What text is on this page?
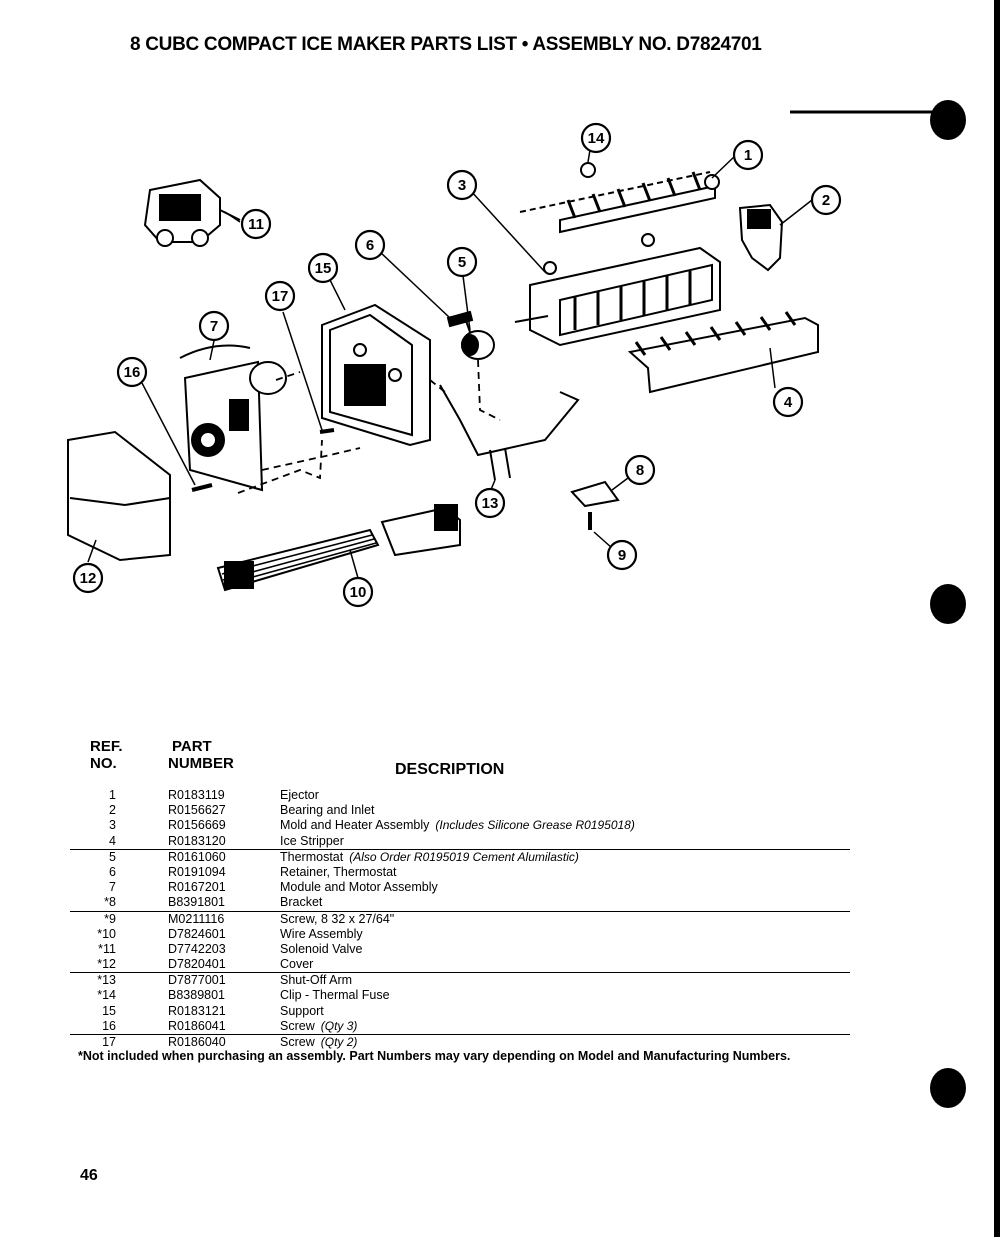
8 CUBC COMPACT ICE MAKER PARTS LIST • ASSEMBLY NO. D7824701
1
2
3
4
5
6
7
8
9
10
11
12
13
14
15
16
17
REF.
NO.
PART
NUMBER	DESCRIPTION
1	R0183119	Ejector
2	R0156627	Bearing and Inlet
3	R0156669	Mold and Heater Assembly (Includes Silicone Grease R0195018)
4	R0183120	Ice Stripper
5	R0161060	Thermostat (Also Order R0195019 Cement Alumilastic)
6	R0191094	Retainer, Thermostat
7	R0167201	Module and Motor Assembly
*8	B8391801	Bracket
*9	M0211116	Screw, 8 32 x 27/64"
*10	D7824601	Wire Assembly
*11	D7742203	Solenoid Valve
*12	D7820401	Cover
*13	D7877001	Shut-Off Arm
*14	B8389801	Clip - Thermal Fuse
15	R0183121	Support
16	R0186041	Screw (Qty 3)
17	R0186040	Screw (Qty 2)
*Not included when purchasing an assembly. Part Numbers may vary depending on Model and Manufacturing Numbers.
46
